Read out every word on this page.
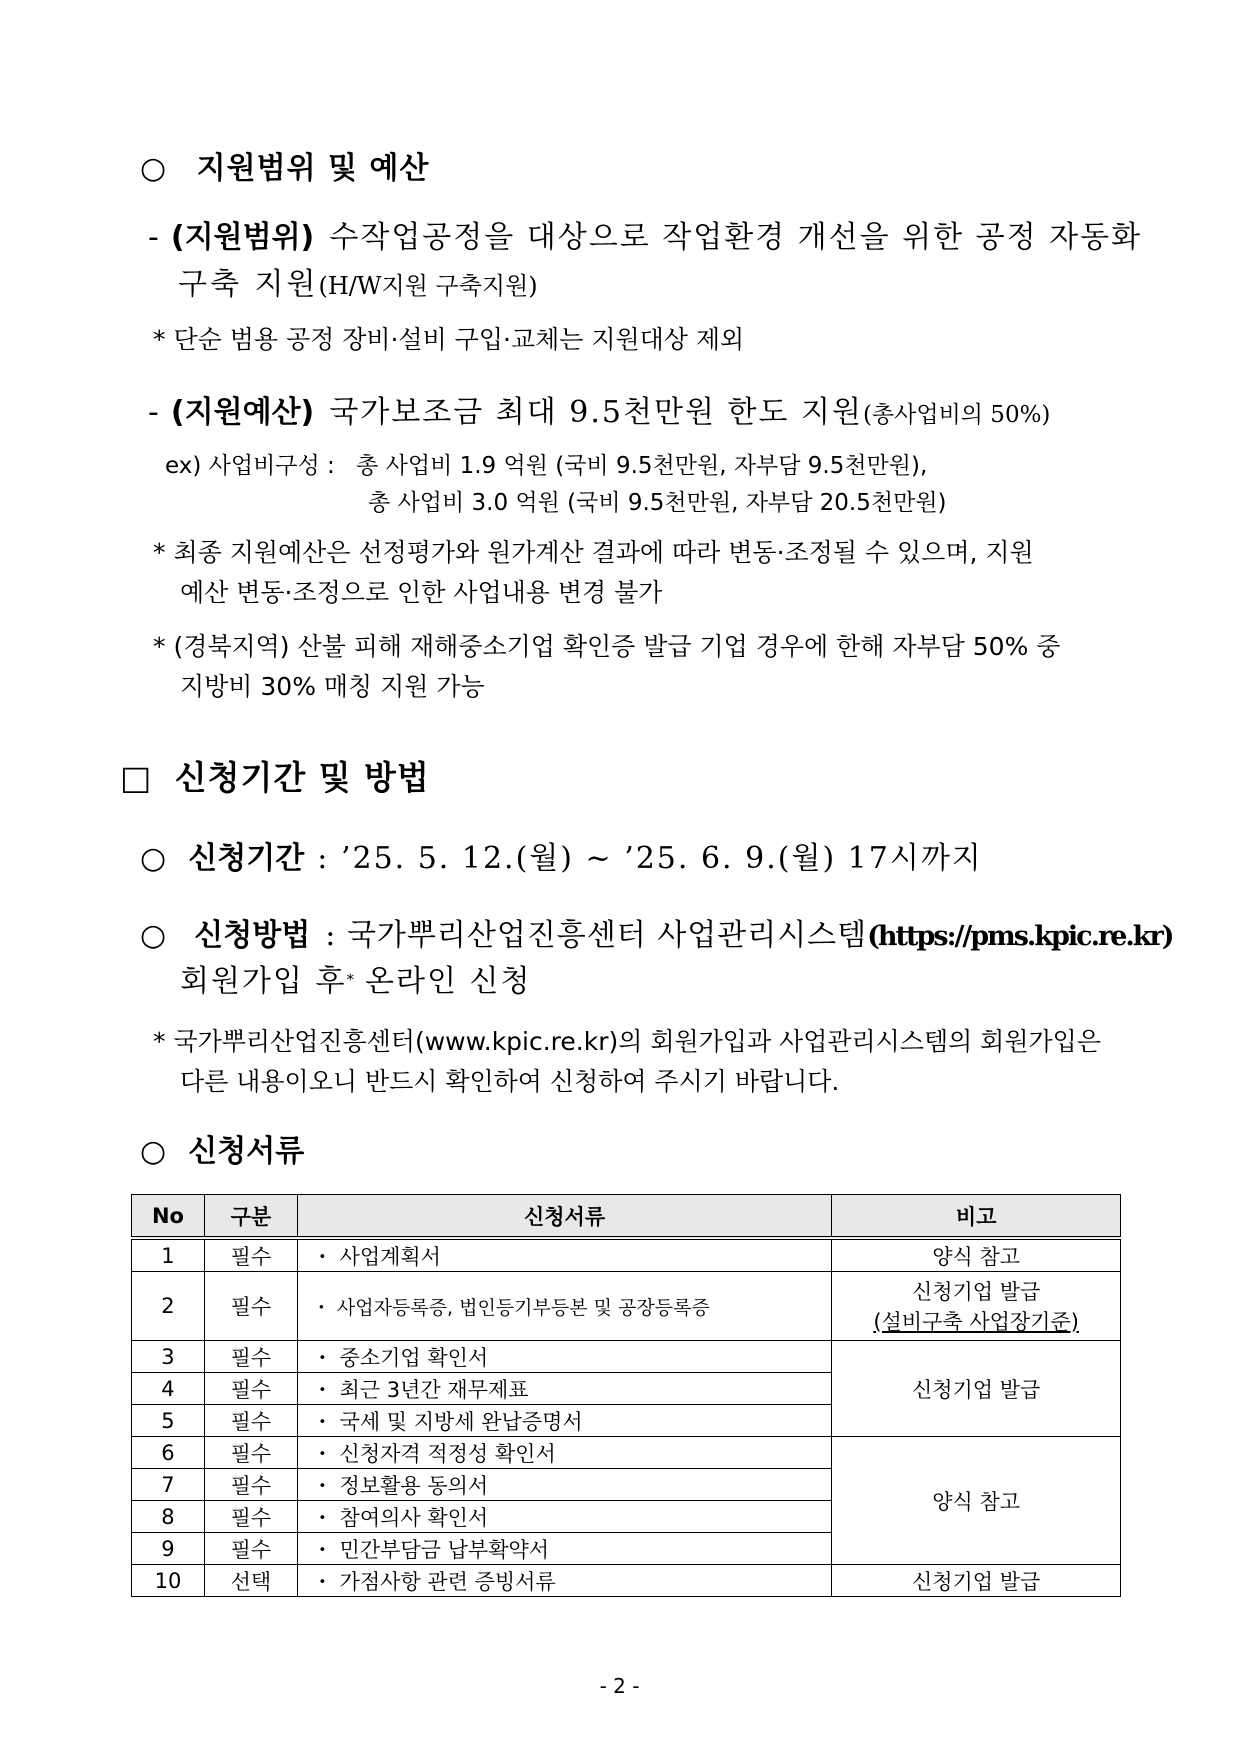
○ 지원범위 및 예산
- (지원범위) 수작업공정을 대상으로 작업환경 개선을 위한 공정 자동화
구축 지원(H/W지원 구축지원)
* 단순 범용 공정 장비·설비 구입·교체는 지원대상 제외
- (지원예산) 국가보조금 최대 9.5천만원 한도 지원(총사업비의 50%)
ex) 사업비구성 : 총 사업비 1.9 억원 (국비 9.5천만원, 자부담 9.5천만원),
총 사업비 3.0 억원 (국비 9.5천만원, 자부담 20.5천만원)
* 최종 지원예산은 선정평가와 원가계산 결과에 따라 변동·조정될 수 있으며, 지원
예산 변동·조정으로 인한 사업내용 변경 불가
* (경북지역) 산불 피해 재해중소기업 확인증 발급 기업 경우에 한해 자부담 50% 중
지방비 30% 매칭 지원 가능
□ 신청기간 및 방법
○ 신청기간 : ’25. 5. 12.(월) ~ ’25. 6. 9.(월) 17시까지
○ 신청방법 : 국가뿌리산업진흥센터 사업관리시스템(https://pms.kpic.re.kr)
회원가입 후* 온라인 신청
* 국가뿌리산업진흥센터(www.kpic.re.kr)의 회원가입과 사업관리시스템의 회원가입은
다른 내용이오니 반드시 확인하여 신청하여 주시기 바랍니다.
○ 신청서류
No	구분	신청서류	비고
1	필수	・ 사업계획서	양식 참고
2	필수	・ 사업자등록증, 법인등기부등본 및 공장등록증	신청기업 발급
(설비구축 사업장기준)

3	필수	・ 중소기업 확인서	신청기업 발급
4	필수	・ 최근 3년간 재무제표	
5	필수	・ 국세 및 지방세 완납증명서	
6	필수	・ 신청자격 적정성 확인서	양식 참고
7	필수	・ 정보활용 동의서	
8	필수	・ 참여의사 확인서	
9	필수	・ 민간부담금 납부확약서	
10	선택	・ 가점사항 관련 증빙서류	신청기업 발급
- 2 -
